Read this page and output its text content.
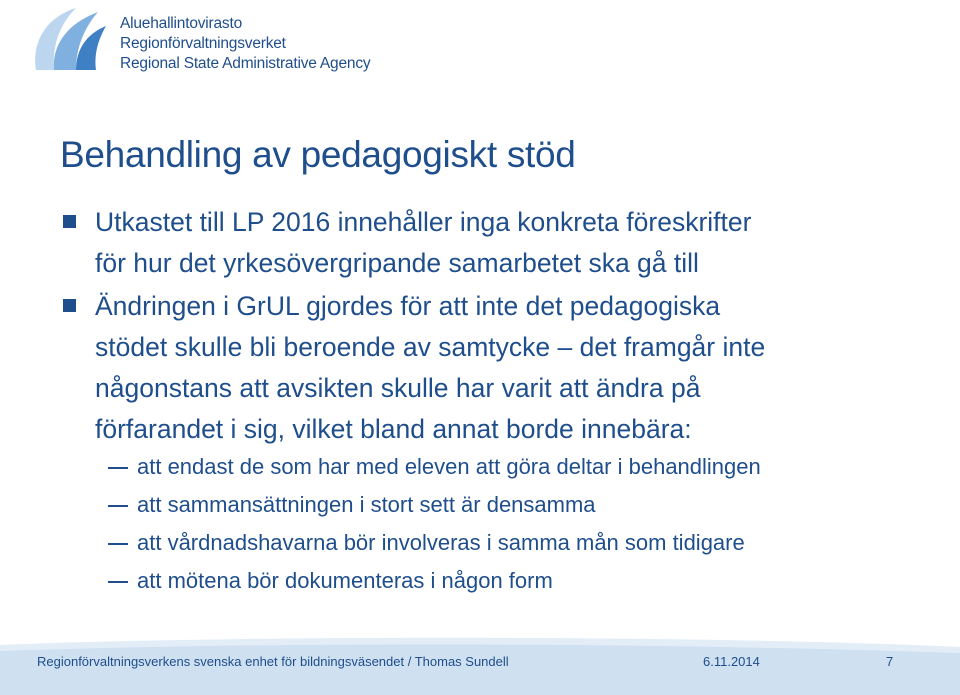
Aluehallintovirasto
Regionförvaltningsverket
Regional State Administrative Agency
Behandling av pedagogiskt stöd
Utkastet till LP 2016 innehåller inga konkreta föreskrifter
för hur det yrkesövergripande samarbetet ska gå till
Ändringen i GrUL gjordes för att inte det pedagogiska
stödet skulle bli beroende av samtycke – det framgår inte
någonstans att avsikten skulle har varit att ändra på
förfarandet i sig, vilket bland annat borde innebära:
att endast de som har med eleven att göra deltar i behandlingen
att sammansättningen i stort sett är densamma
att vårdnadshavarna bör involveras i samma mån som tidigare
att mötena bör dokumenteras i någon form
Regionförvaltningsverkens svenska enhet för bildningsväsendet / Thomas Sundell	6.11.2014	7
